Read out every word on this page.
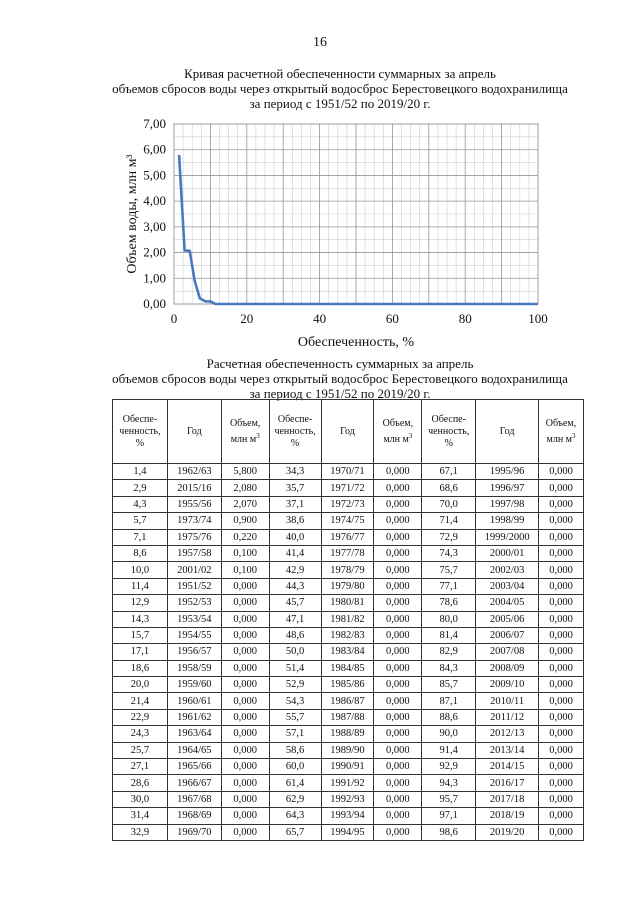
16
Кривая расчетной обеспеченности суммарных за апрель
объемов сбросов воды через открытый водосброс Берестовецкого водохранилища
за период с 1951/52 по 2019/20 г.
0,00
1,00
2,00
3,00
4,00
5,00
6,00
7,00
0	20	40	60	80	100
Обеспеченность, %
Объем воды, млн м³
Расчетная обеспеченность суммарных за апрель
объемов сбросов воды через открытый водосброс Берестовецкого водохранилища
за период с 1951/52 по 2019/20 г.
Обеспе-
ченность,
%	Год	Объем,
млн $м^3$	Обеспе-
ченность,
%	Год	Объем,
млн $м^3$	Обеспе-
ченность,
%	Год	Объем,
млн $м^3$
1,4	1962/63	5,800	34,3	1970/71	0,000	67,1	1995/96	0,000
2,9	2015/16	2,080	35,7	1971/72	0,000	68,6	1996/97	0,000
4,3	1955/56	2,070	37,1	1972/73	0,000	70,0	1997/98	0,000
5,7	1973/74	0,900	38,6	1974/75	0,000	71,4	1998/99	0,000
7,1	1975/76	0,220	40,0	1976/77	0,000	72,9	1999/2000	0,000
8,6	1957/58	0,100	41,4	1977/78	0,000	74,3	2000/01	0,000
10,0	2001/02	0,100	42,9	1978/79	0,000	75,7	2002/03	0,000
11,4	1951/52	0,000	44,3	1979/80	0,000	77,1	2003/04	0,000
12,9	1952/53	0,000	45,7	1980/81	0,000	78,6	2004/05	0,000
14,3	1953/54	0,000	47,1	1981/82	0,000	80,0	2005/06	0,000
15,7	1954/55	0,000	48,6	1982/83	0,000	81,4	2006/07	0,000
17,1	1956/57	0,000	50,0	1983/84	0,000	82,9	2007/08	0,000
18,6	1958/59	0,000	51,4	1984/85	0,000	84,3	2008/09	0,000
20,0	1959/60	0,000	52,9	1985/86	0,000	85,7	2009/10	0,000
21,4	1960/61	0,000	54,3	1986/87	0,000	87,1	2010/11	0,000
22,9	1961/62	0,000	55,7	1987/88	0,000	88,6	2011/12	0,000
24,3	1963/64	0,000	57,1	1988/89	0,000	90,0	2012/13	0,000
25,7	1964/65	0,000	58,6	1989/90	0,000	91,4	2013/14	0,000
27,1	1965/66	0,000	60,0	1990/91	0,000	92,9	2014/15	0,000
28,6	1966/67	0,000	61,4	1991/92	0,000	94,3	2016/17	0,000
30,0	1967/68	0,000	62,9	1992/93	0,000	95,7	2017/18	0,000
31,4	1968/69	0,000	64,3	1993/94	0,000	97,1	2018/19	0,000
32,9	1969/70	0,000	65,7	1994/95	0,000	98,6	2019/20	0,000
